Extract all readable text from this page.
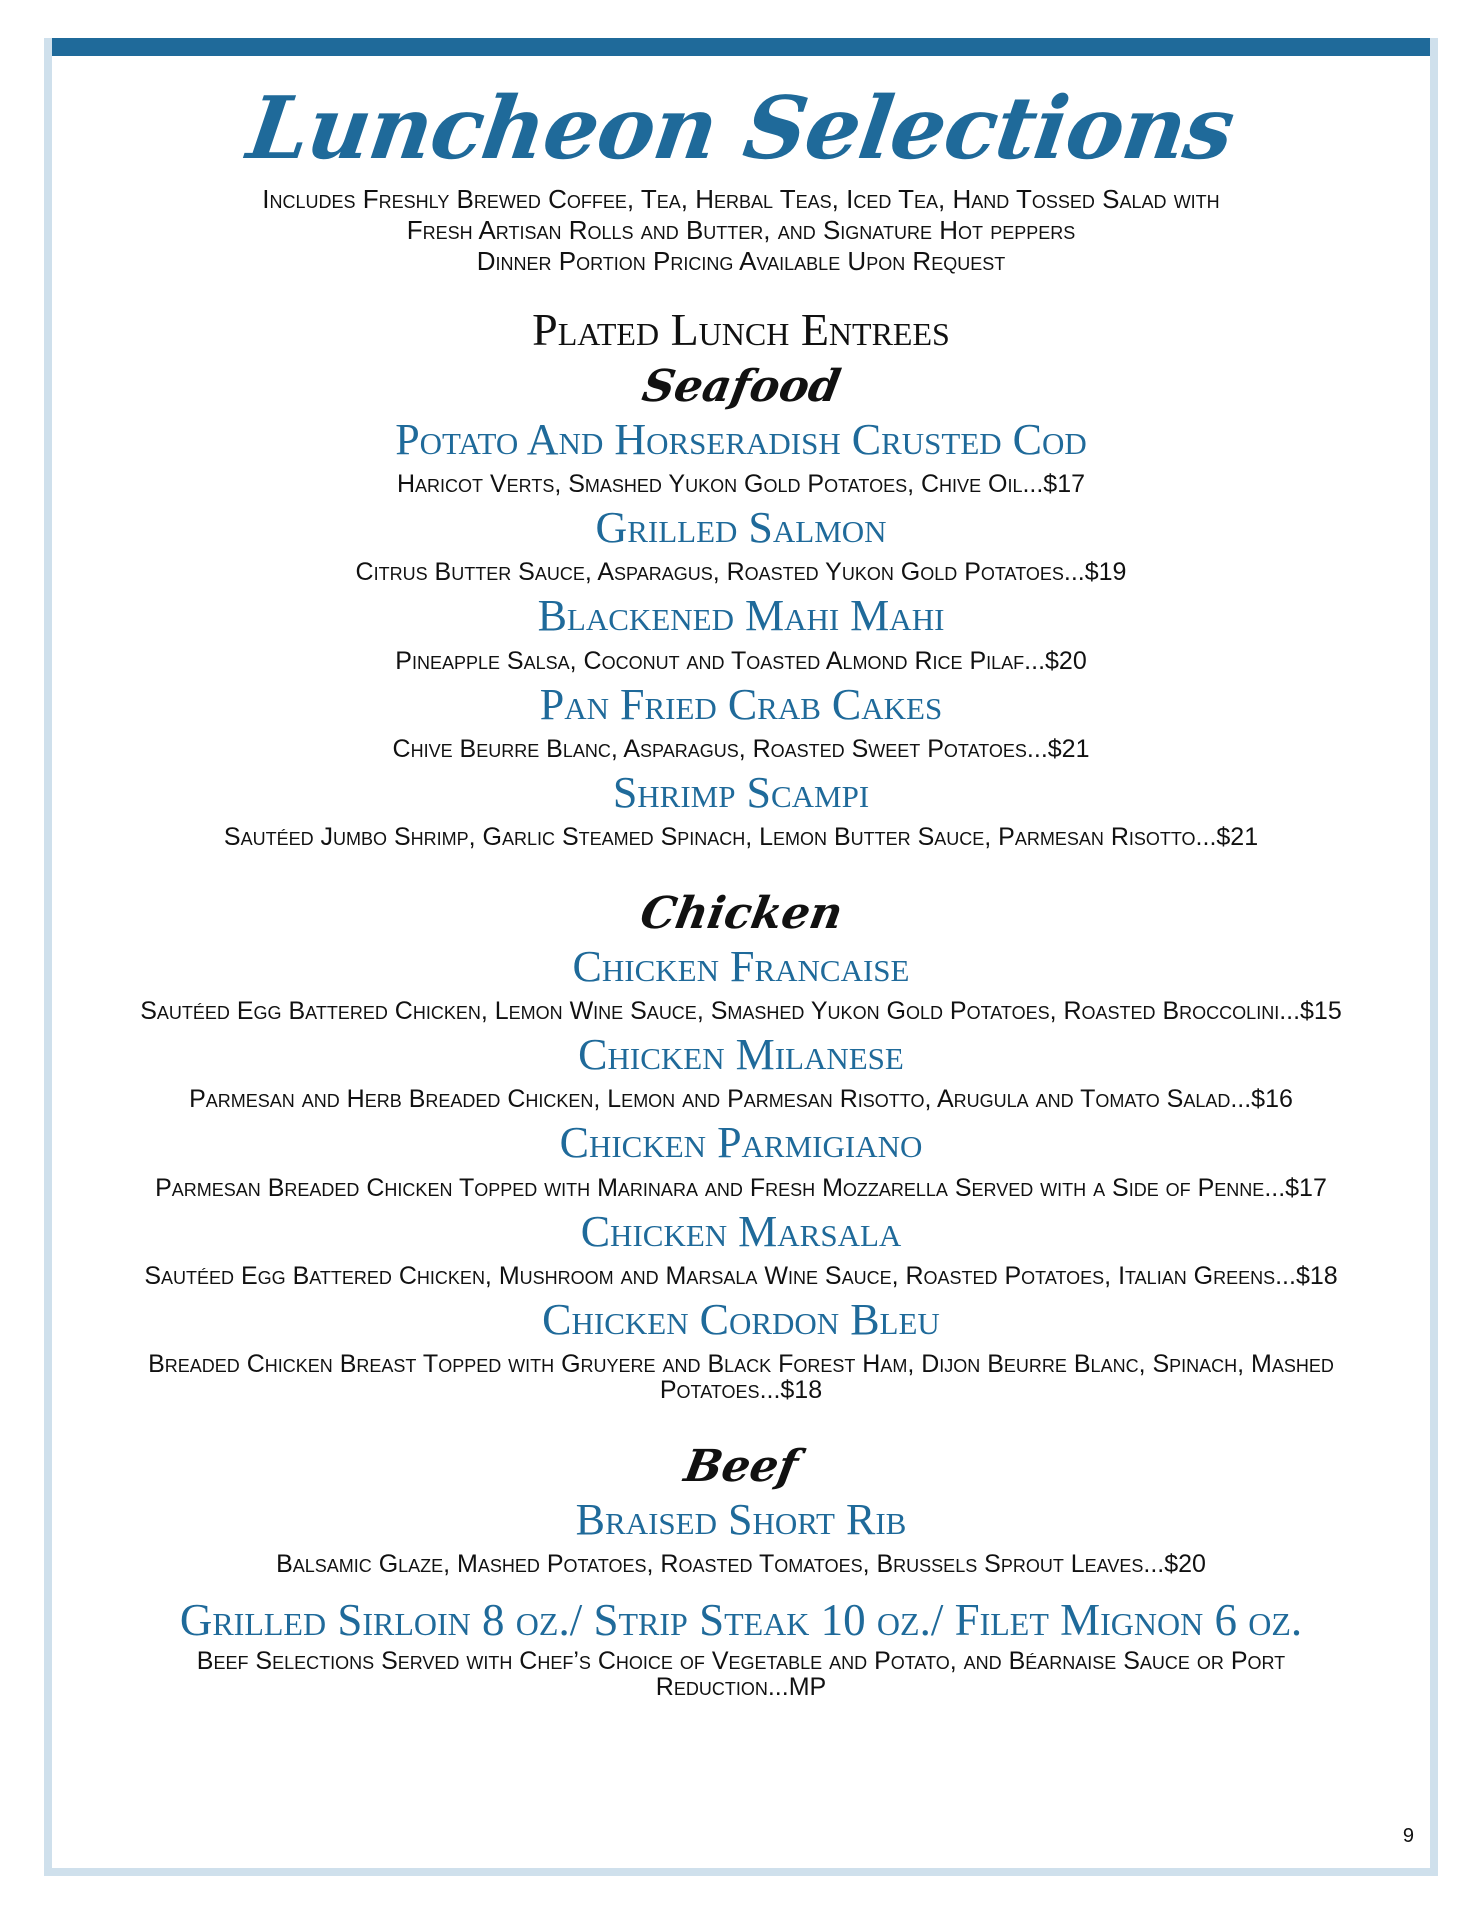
Luncheon Selections
Includes Freshly Brewed Coffee, Tea, Herbal Teas, Iced Tea, Hand Tossed Salad with
Fresh Artisan Rolls and Butter, and Signature Hot peppers
Dinner Portion Pricing Available Upon Request
Plated Lunch Entrees
Seafood
Potato And Horseradish Crusted Cod
Haricot Verts, Smashed Yukon Gold Potatoes, Chive Oil...$17
Grilled Salmon
Citrus Butter Sauce, Asparagus, Roasted Yukon Gold Potatoes...$19
Blackened Mahi Mahi
Pineapple Salsa, Coconut and Toasted Almond Rice Pilaf...$20
Pan Fried Crab Cakes
Chive Beurre Blanc, Asparagus, Roasted Sweet Potatoes...$21
Shrimp Scampi
Sautéed Jumbo Shrimp, Garlic Steamed Spinach, Lemon Butter Sauce, Parmesan Risotto...$21
Chicken
Chicken Francaise
Sautéed Egg Battered Chicken, Lemon Wine Sauce, Smashed Yukon Gold Potatoes, Roasted Broccolini...$15
Chicken Milanese
Parmesan and Herb Breaded Chicken, Lemon and Parmesan Risotto, Arugula and Tomato Salad...$16
Chicken Parmigiano
Parmesan Breaded Chicken Topped with Marinara and Fresh Mozzarella Served with a Side of Penne...$17
Chicken Marsala
Sautéed Egg Battered Chicken, Mushroom and Marsala Wine Sauce, Roasted Potatoes, Italian Greens...$18
Chicken Cordon Bleu
Breaded Chicken Breast Topped with Gruyere and Black Forest Ham, Dijon Beurre Blanc, Spinach, Mashed
Potatoes...$18
Beef
Braised Short Rib
Balsamic Glaze, Mashed Potatoes, Roasted Tomatoes, Brussels Sprout Leaves...$20
Grilled Sirloin 8 oz./ Strip Steak 10 oz./ Filet Mignon 6 oz.
Beef Selections Served with Chef’s Choice of Vegetable and Potato, and Béarnaise Sauce or Port
Reduction...MP
9
